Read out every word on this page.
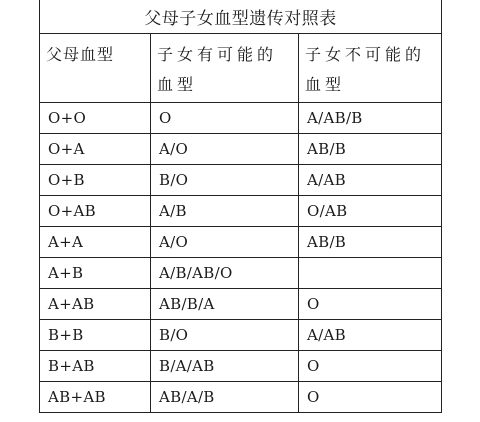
父母子女血型遗传对照表		
父母血型	子女有可能的血型	子女不可能的血型
O+O	O	A/AB/B
O+A	A/O	AB/B
O+B	B/O	A/AB
O+AB	A/B	O/AB
A+A	A/O	AB/B
A+B	A/B/AB/O	
A+AB	AB/B/A	O
B+B	B/O	A/AB
B+AB	B/A/AB	O
AB+AB	AB/A/B	O
